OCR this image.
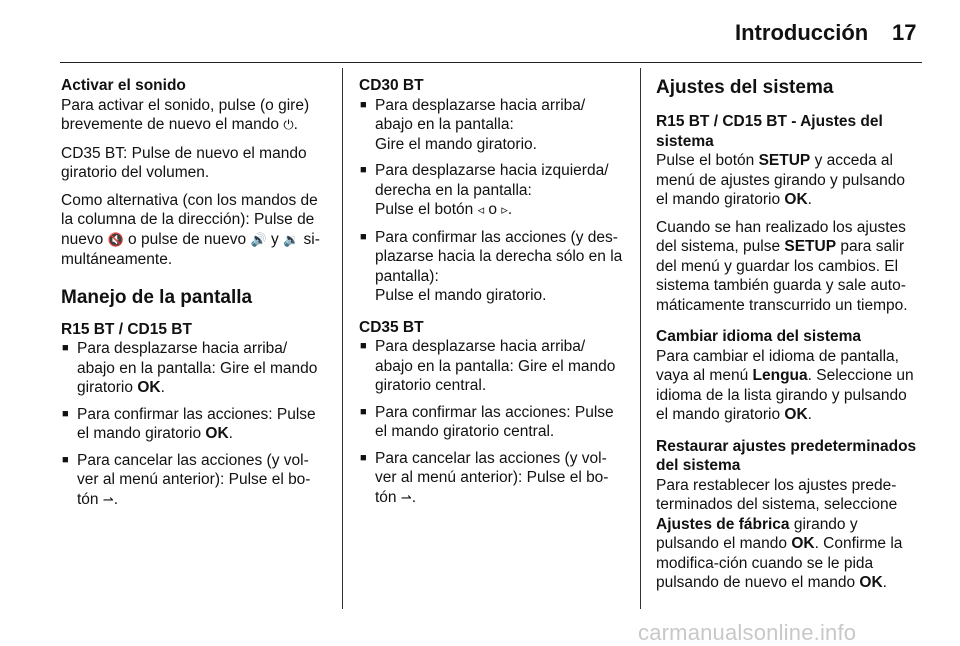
Introducción 17
Activar el sonido

Para activar el sonido, pulse (o gire) brevemente de nuevo el mando ⏻.

CD35 BT: Pulse de nuevo el mando giratorio del volumen.

Como alternativa (con los mandos de la columna de la dirección): Pulse de nuevo 🔇 o pulse de nuevo 🔊 y 🔉 si-multáneamente.

Manejo de la pantalla
R15 BT / CD15 BT
■ Para desplazarse hacia arriba/ abajo en la pantalla: Gire el mando giratorio OK.
■ Para confirmar las acciones: Pulse el mando giratorio OK.
■ Para cancelar las acciones (y vol-ver al menú anterior): Pulse el bo-tón ⇀.
CD30 BT
■ Para desplazarse hacia arriba/ abajo en la pantalla:
Gire el mando giratorio.
■ Para desplazarse hacia izquierda/ derecha en la pantalla:
Pulse el botón ◃ o ▹.
■ Para confirmar las acciones (y des-plazarse hacia la derecha sólo en la pantalla):
Pulse el mando giratorio.
CD35 BT
■ Para desplazarse hacia arriba/ abajo en la pantalla: Gire el mando giratorio central.
■ Para confirmar las acciones: Pulse el mando giratorio central.
■ Para cancelar las acciones (y vol-ver al menú anterior): Pulse el bo-tón ⇀.
Ajustes del sistema
R15 BT / CD15 BT - Ajustes del sistema

Pulse el botón SETUP y acceda al menú de ajustes girando y pulsando el mando giratorio OK.

Cuando se han realizado los ajustes del sistema, pulse SETUP para salir del menú y guardar los cambios. El sistema también guarda y sale auto-máticamente transcurrido un tiempo.

Cambiar idioma del sistema

Para cambiar el idioma de pantalla, vaya al menú Lengua. Seleccione un idioma de la lista girando y pulsando el mando giratorio OK.

Restaurar ajustes predeterminados del sistema

Para restablecer los ajustes prede-terminados del sistema, seleccione Ajustes de fábrica girando y pulsando el mando OK. Confirme la modifica-ción cuando se le pida pulsando de nuevo el mando OK.

carmanualsonline.info
